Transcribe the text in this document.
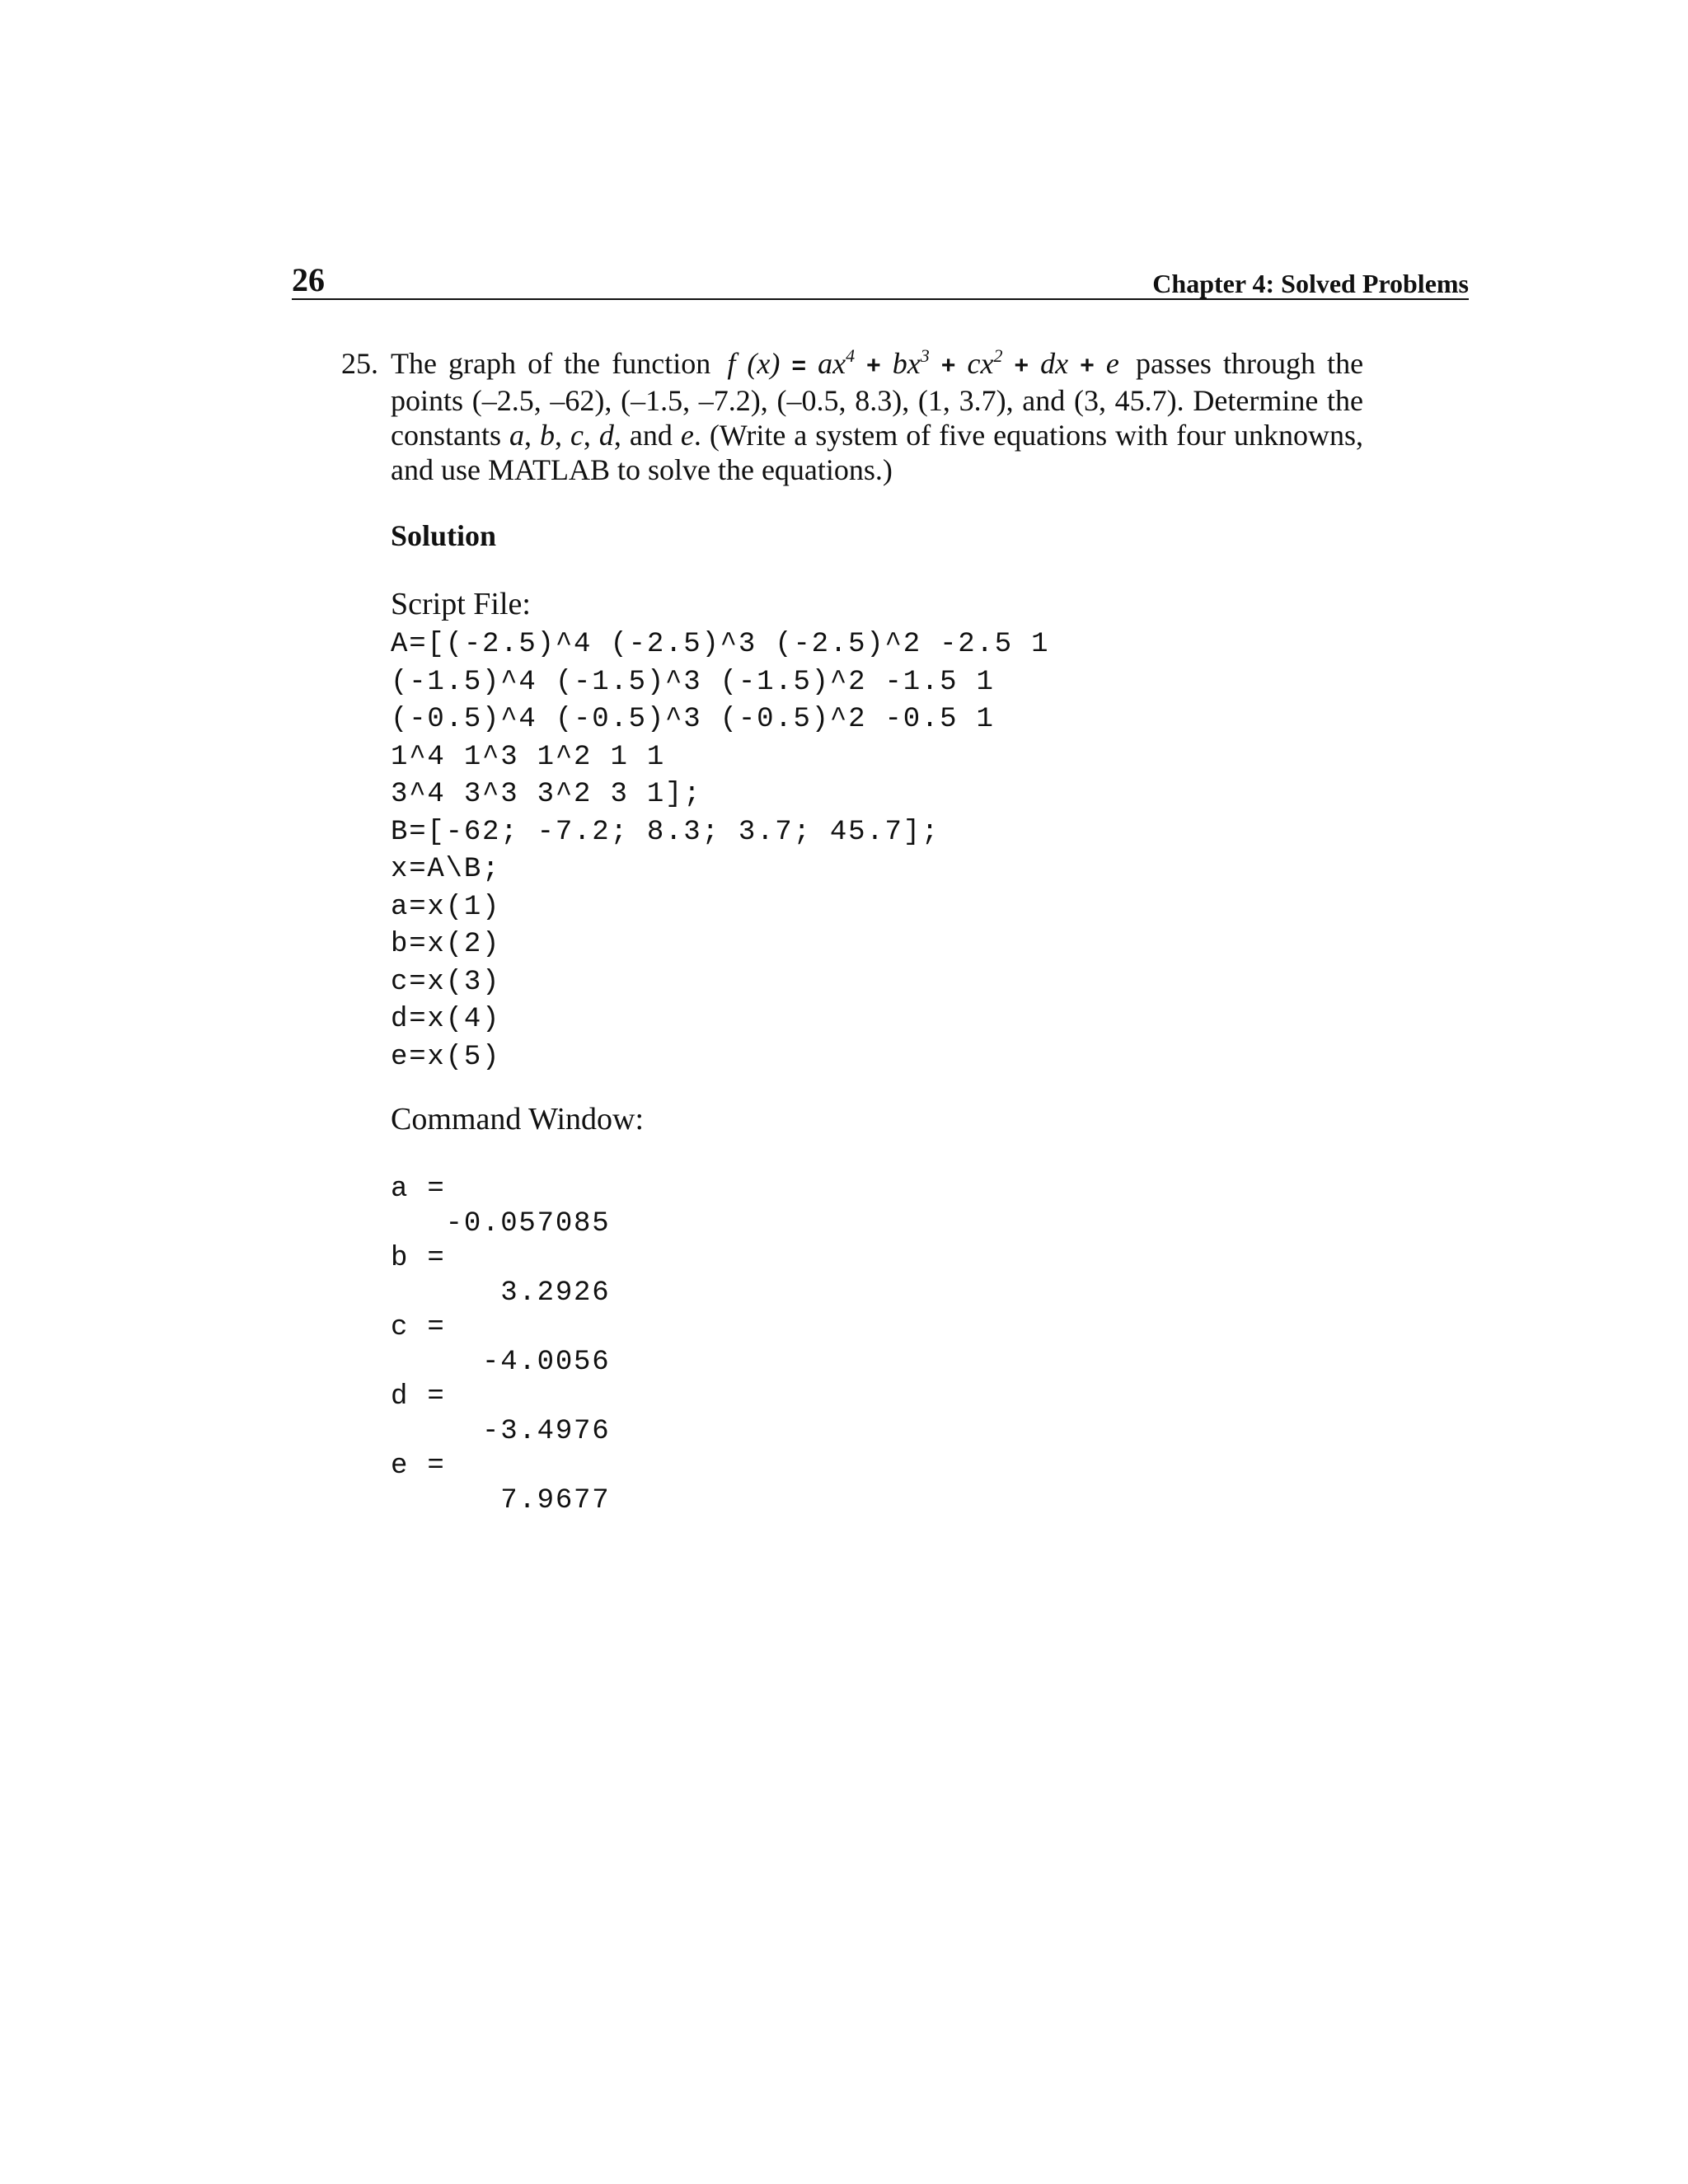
26	Chapter 4: Solved Problems
25. The graph of the function f $(x) = ax^4 + bx^3 + cx^2$ + dx + e passes through the points (–2.5, –62), (–1.5, –7.2), (–0.5, 8.3), (1, 3.7), and (3, 45.7). Determine the constants a, b, c, d, and e. (Write a system of five equations with four unknowns, and use MATLAB to solve the equations.)
Solution
Script File:
A=[(-2.5)^4 (-2.5)^3 (-2.5)^2 -2.5 1
(-1.5)^4 (-1.5)^3 (-1.5)^2 -1.5 1
(-0.5)^4 (-0.5)^3 (-0.5)^2 -0.5 1
1^4 1^3 1^2 1 1
3^4 3^3 3^2 3 1];
B=[-62; -7.2; 8.3; 3.7; 45.7];
x=A\B;
a=x(1)
b=x(2)
c=x(3)
d=x(4)
e=x(5)
Command Window:
a =
-0.057085
b =
3.2926
c =
-4.0056
d =
-3.4976
e =
7.9677
